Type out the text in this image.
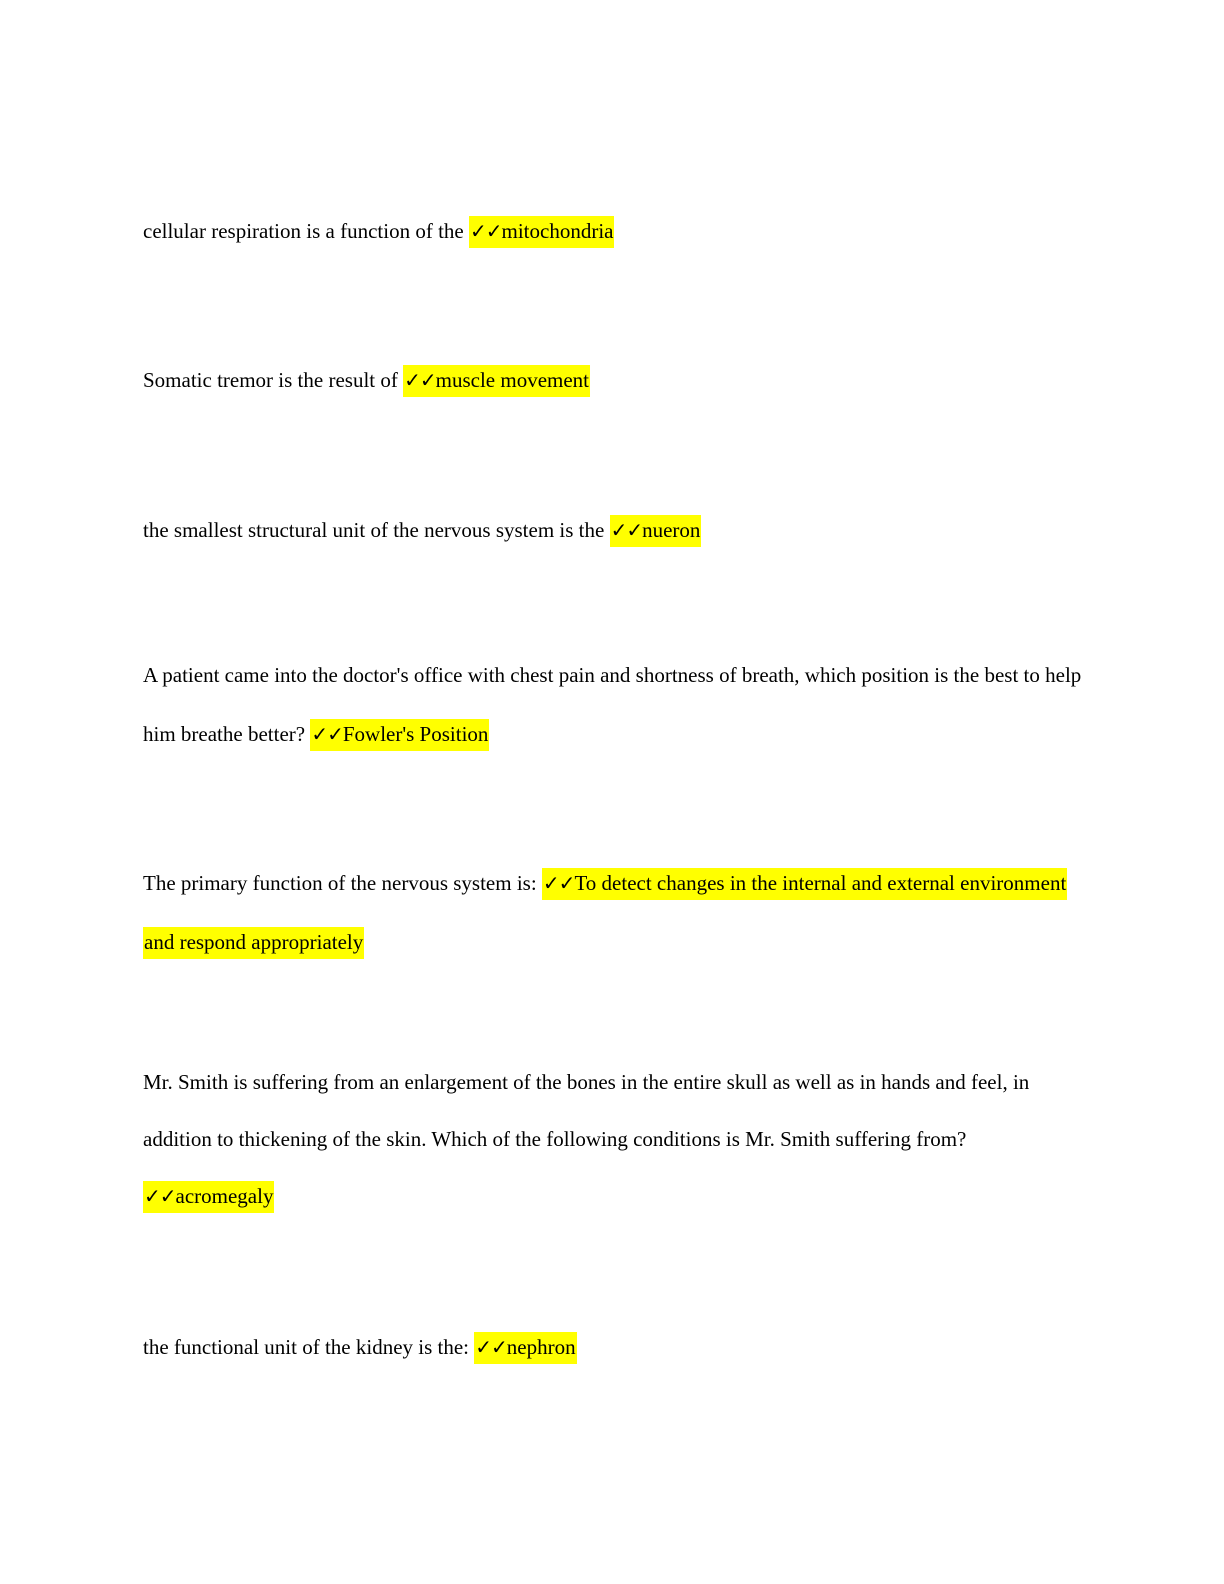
cellular respiration is a function of the ✓✓mitochondria

Somatic tremor is the result of ✓✓muscle movement

the smallest structural unit of the nervous system is the ✓✓nueron

A patient came into the doctor's office with chest pain and shortness of breath, which position is the best to help him breathe better? ✓✓Fowler's Position

The primary function of the nervous system is: ✓✓To detect changes in the internal and external environment and respond appropriately

Mr. Smith is suffering from an enlargement of the bones in the entire skull as well as in hands and feel, in addition to thickening of the skin. Which of the following conditions is Mr. Smith suffering from? ✓✓acromegaly

the functional unit of the kidney is the: ✓✓nephron
